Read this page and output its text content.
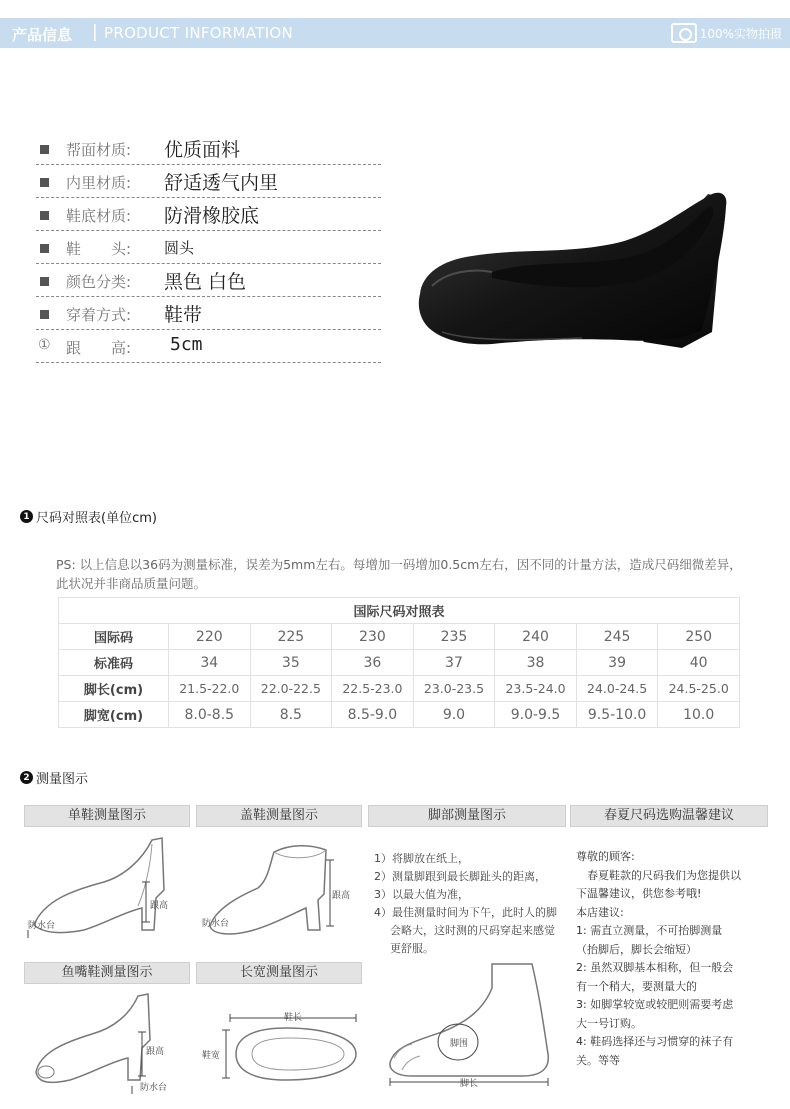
产品信息 | PRODUCT INFORMATION	100%实物拍摄
帮面材质: 优质面料
内里材质: 舒适透气内里
鞋底材质: 防滑橡胶底
鞋　　头: 圆头
颜色分类: 黑色 白色
穿着方式: 鞋带
① 跟　　高: 5cm
1 尺码对照表(单位cm)
PS: 以上信息以36码为测量标准，误差为5mm左右。每增加一码增加0.5cm左右，因不同的计量方法，造成尺码细微差异，此状况并非商品质量问题。
国际尺码对照表							
国际码	220	225	230	235	240	245	250
标准码	34	35	36	37	38	39	40
脚长(cm)	21.5-22.0	22.0-22.5	22.5-23.0	23.0-23.5	23.5-24.0	24.0-24.5	24.5-25.0
脚宽(cm)	8.0-8.5	8.5	8.5-9.0	9.0	9.0-9.5	9.5-10.0	10.0
2 测量图示
单鞋测量图示	盖鞋测量图示	脚部测量图示	春夏尺码选购温馨建议
鱼嘴鞋测量图示	长宽测量图示
跟高
防水台
跟高
防水台
1）将脚放在纸上，
2）测量脚跟到最长脚趾头的距离，
3）以最大值为准，
4）最佳测量时间为下午，此时人的脚
会略大，这时测的尺码穿起来感觉
更舒服。
脚围
脚长
尊敬的顾客:
　春夏鞋款的尺码我们为您提供以
下温馨建议，供您参考哦!
本店建议:
1: 需直立测量，不可抬脚测量
（抬脚后，脚长会缩短）
2: 虽然双脚基本相称，但一般会
有一个稍大，要测量大的
3: 如脚掌较宽或较肥则需要考虑
大一号订购。
4: 鞋码选择还与习惯穿的袜子有
关。等等
跟高
防水台
鞋长
鞋宽
